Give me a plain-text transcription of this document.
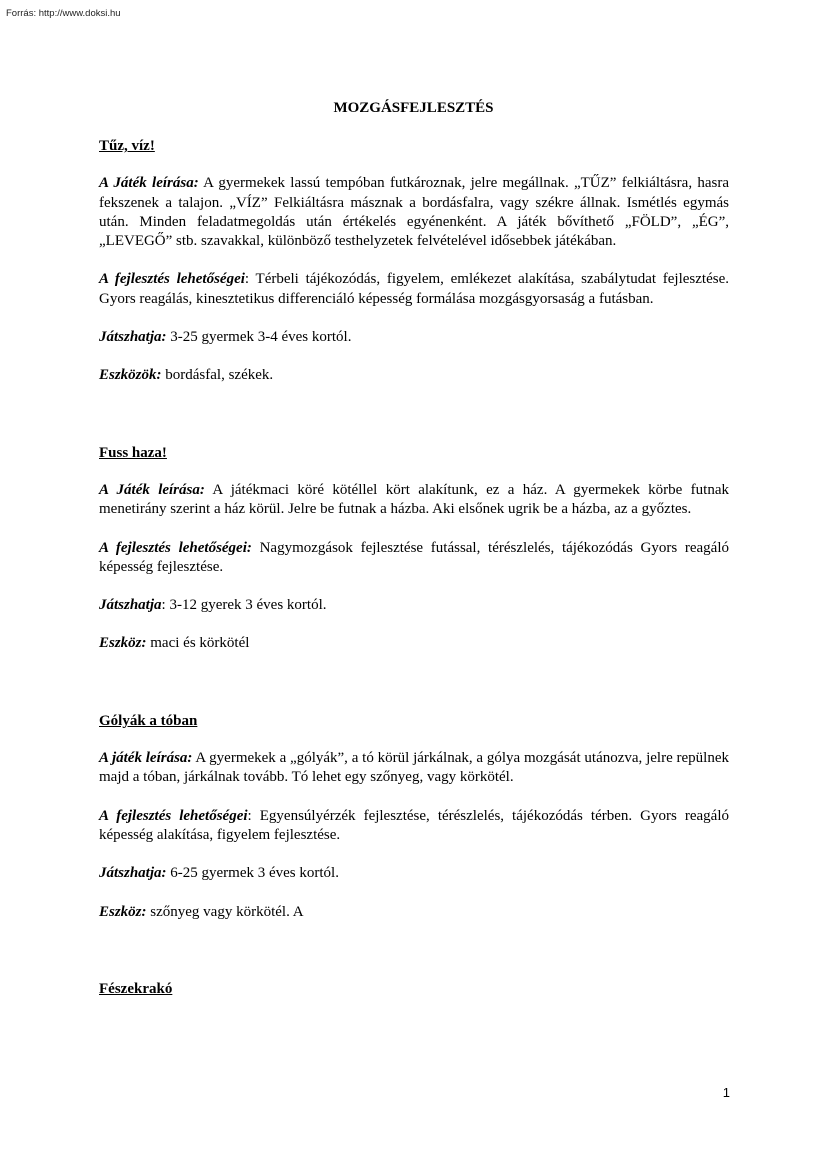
Forrás: http://www.doksi.hu
MOZGÁSFEJLESZTÉS
Tűz, víz!

A Játék leírása: A gyermekek lassú tempóban futkároznak, jelre megállnak. „TŰZ” felkiáltásra, hasra fekszenek a talajon. „VÍZ” Felkiáltásra másznak a bordásfalra, vagy székre állnak. Ismétlés egymás után. Minden feladatmegoldás után értékelés egyénenként. A játék bővíthető „FÖLD”, „ÉG”, „LEVEGŐ” stb. szavakkal, különböző testhelyzetek felvételével idősebbek játékában.

A fejlesztés lehetőségei: Térbeli tájékozódás, figyelem, emlékezet alakítása, szabálytudat fejlesztése. Gyors reagálás, kinesztetikus differenciáló képesség formálása mozgásgyorsaság a futásban.

Játszhatja: 3-25 gyermek 3-4 éves kortól.

Eszközök: bordásfal, székek.

Fuss haza!

A Játék leírása: A játékmaci köré kötéllel kört alakítunk, ez a ház. A gyermekek körbe futnak menetirány szerint a ház körül. Jelre be futnak a házba. Aki elsőnek ugrik be a házba, az a győztes.

A fejlesztés lehetőségei: Nagymozgások fejlesztése futással, térészlelés, tájékozódás Gyors reagáló képesség fejlesztése.

Játszhatja: 3-12 gyerek 3 éves kortól.

Eszköz: maci és körkötél

Gólyák a tóban

A játék leírása: A gyermekek a „gólyák”, a tó körül járkálnak, a gólya mozgását utánozva, jelre repülnek majd a tóban, járkálnak tovább. Tó lehet egy szőnyeg, vagy körkötél.

A fejlesztés lehetőségei: Egyensúlyérzék fejlesztése, térészlelés, tájékozódás térben. Gyors reagáló képesség alakítása, figyelem fejlesztése.

Játszhatja: 6-25 gyermek 3 éves kortól.

Eszköz: szőnyeg vagy körkötél. A

Fészekrakó
1
